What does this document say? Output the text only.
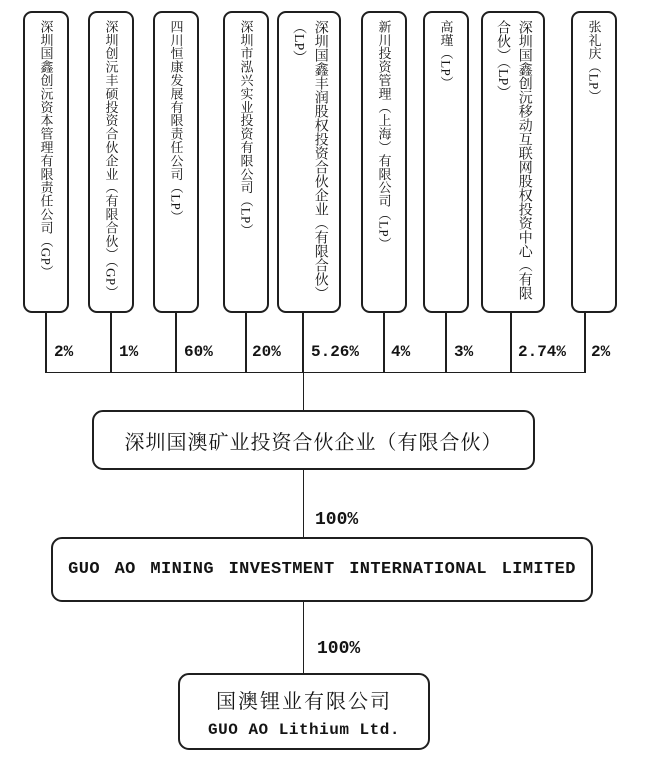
深圳国鑫创沅资本管理有限责任公司（GP）
2%
深圳创沅丰硕投资合伙企业（有限合伙）（GP）
1%
四川恒康发展有限责任公司（LP）
60%
深圳市泓兴实业投资有限公司（LP）
20%
深圳国鑫丰润股权投资合伙企业（有限合伙）（LP）
5.26%
新川投资管理（上海）有限公司（LP）
4%
高瑾（LP）
3%
深圳国鑫创沅移动互联网股权投资中心（有限合伙）（LP）
2.74%
张礼庆（LP）
2%
深圳国澳矿业投资合伙企业（有限合伙）
100%
GUO AO MINING INVESTMENT INTERNATIONAL LIMITED
100%
国澳锂业有限公司
GUO AO Lithium Ltd.
